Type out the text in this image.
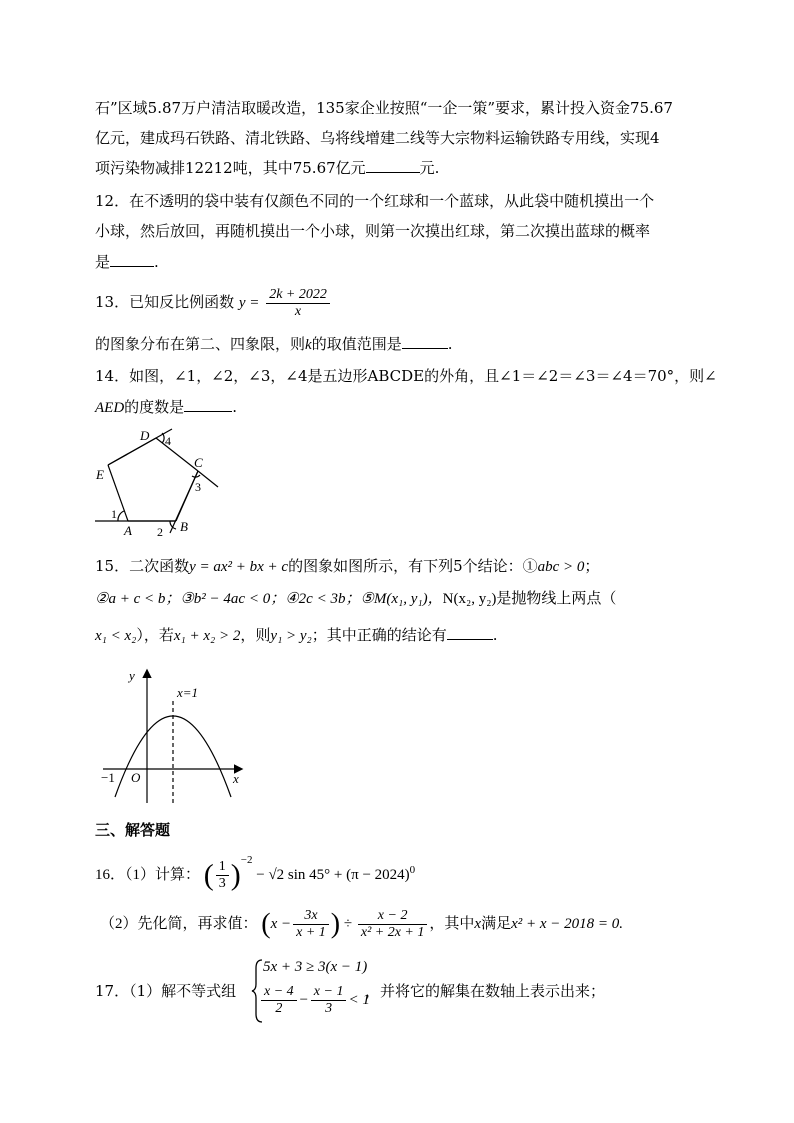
石”区域5.87万户清洁取暖改造，135家企业按照“一企一策”要求，累计投入资金75.67
亿元，建成玛石铁路、清北铁路、乌将线增建二线等大宗物料运输铁路专用线，实现4
项污染物减排12212吨，其中75.67亿元	元.
12．在不透明的袋中装有仅颜色不同的一个红球和一个蓝球，从此袋中随机摸出一个
小球，然后放回，再随机摸出一个小球，则第一次摸出红球，第二次摸出蓝球的概率
是	.
13．已知反比例函数 $y = \frac{2k + 2022}{x}$
的图象分布在第二、四象限，则k的取值范围是	.
14．如图，∠1，∠2，∠3，∠4是五边形ABCDE的外角，且∠1＝∠2＝∠3＝∠4＝70°，则∠
AED的度数是	.
E
D
C
B
A
1
2
3
4
15．二次函数y = ax² + bx + c的图象如图所示，有下列5个结论：①abc > 0；
②a + c < b；③b² − 4ac < 0；④2c < 3b；⑤M(x₁, y₁)，N(x₂, y₂)是抛物线上两点（
x₁ < x₂），若x₁ + x₂ > 2，则y₁ > y₂；其中正确的结论有	.
y
x
x=1
O
−1
三、解答题
16．（1）计算： ( $\frac{1}{3} )^{-2} - √2$ $\sin 45^\circ + (\pi - 2024)^0$
（2）先化简，再求值： ($x - \frac{3x}{x + 1}$ ) ÷ $\frac{x - 2}{\text{x² + 2x + 1}}$ ，其中x满足x² + x − 2018 = 0.
17．（1）解不等式组
5x + 3 ≥ 3(x − 1)
$\frac{x - 4}{2} - \frac{x - 1}{3} < 1$
，并将它的解集在数轴上表示出来；
